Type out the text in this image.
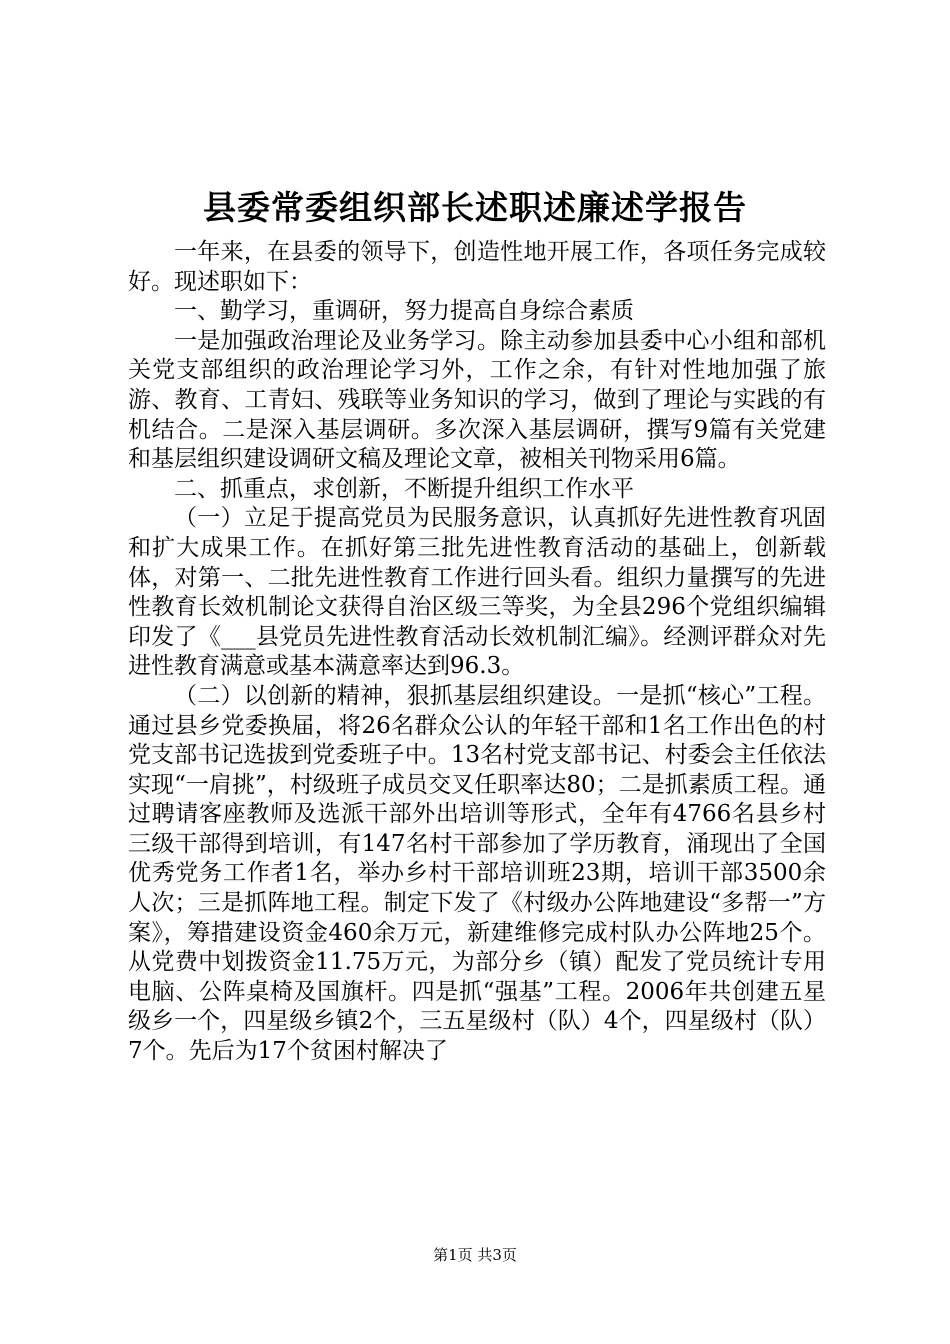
县委常委组织部长述职述廉述学报告

一年来，在县委的领导下，创造性地开展工作，各项任务完成较好。现述职如下：

一、勤学习，重调研，努力提高自身综合素质

一是加强政治理论及业务学习。除主动参加县委中心小组和部机关党支部组织的政治理论学习外，工作之余，有针对性地加强了旅游、教育、工青妇、残联等业务知识的学习，做到了理论与实践的有机结合。二是深入基层调研。多次深入基层调研，撰写9篇有关党建和基层组织建设调研文稿及理论文章，被相关刊物采用6篇。

二、抓重点，求创新，不断提升组织工作水平

（一）立足于提高党员为民服务意识，认真抓好先进性教育巩固和扩大成果工作。在抓好第三批先进性教育活动的基础上，创新载体，对第一、二批先进性教育工作进行回头看。组织力量撰写的先进性教育长效机制论文获得自治区级三等奖，为全县296个党组织编辑印发了《___县党员先进性教育活动长效机制汇编》。经测评群众对先进性教育满意或基本满意率达到96.3。

（二）以创新的精神，狠抓基层组织建设。一是抓“核心”工程。通过县乡党委换届，将26名群众公认的年轻干部和1名工作出色的村党支部书记选拔到党委班子中。13名村党支部书记、村委会主任依法实现“一肩挑”，村级班子成员交叉任职率达80；二是抓素质工程。通过聘请客座教师及选派干部外出培训等形式，全年有4766名县乡村三级干部得到培训，有147名村干部参加了学历教育，涌现出了全国优秀党务工作者1名，举办乡村干部培训班23期，培训干部3500余人次；三是抓阵地工程。制定下发了《村级办公阵地建设“多帮一”方案》，筹措建设资金460余万元，新建维修完成村队办公阵地25个。从党费中划拨资金11.75万元，为部分乡（镇）配发了党员统计专用电脑、公阵桌椅及国旗杆。四是抓“强基”工程。2006年共创建五星级乡一个，四星级乡镇2个，三五星级村（队）4个，四星级村（队）7个。先后为17个贫困村解决了

第1页 共3页
